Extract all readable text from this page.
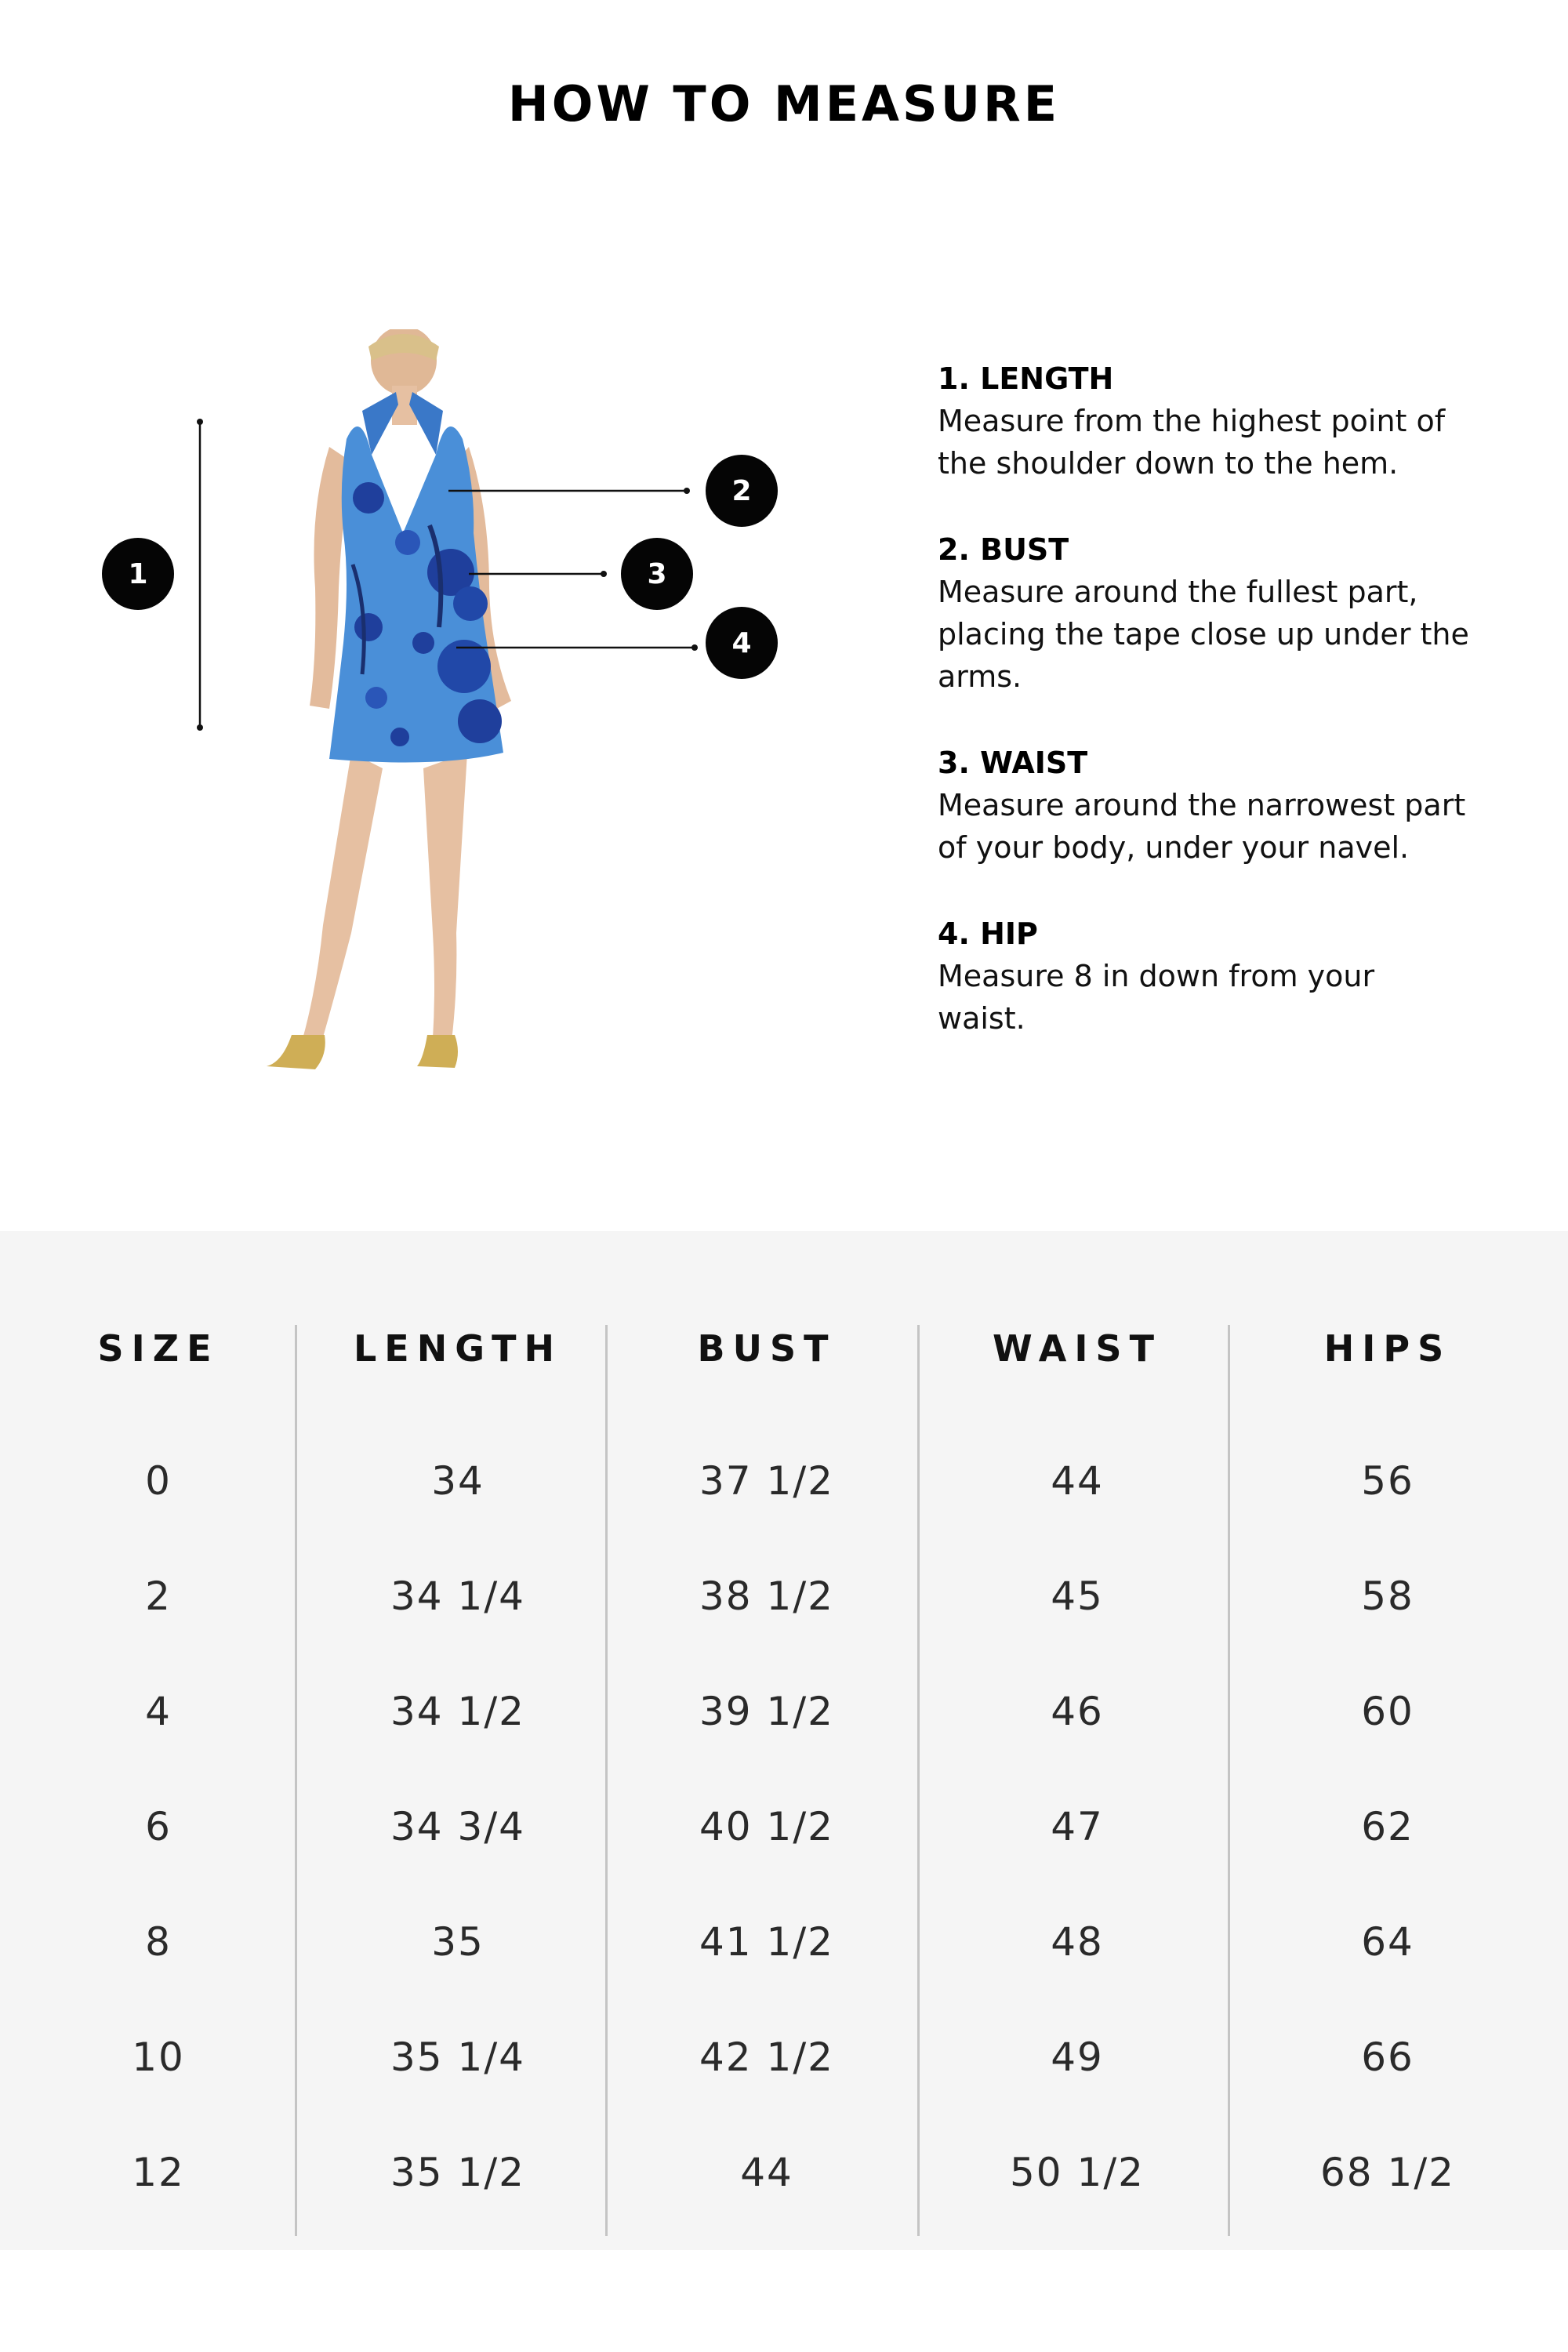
HOW TO MEASURE
1
2
3
4
1. LENGTH
Measure from the highest point of the shoulder down to the hem.
2. BUST
Measure around the fullest part, placing the tape close up under the arms.
3. WAIST
Measure around the narrowest part of your body, under your navel.
4. HIP
Measure 8 in down from your waist.
SIZE
0
2
4
6
8
10
12
LENGTH
34
34 1/4
34 1/2
34 3/4
35
35 1/4
35 1/2
BUST
37 1/2
38 1/2
39 1/2
40 1/2
41 1/2
42 1/2
44
WAIST
44
45
46
47
48
49
50 1/2
HIPS
56
58
60
62
64
66
68 1/2
